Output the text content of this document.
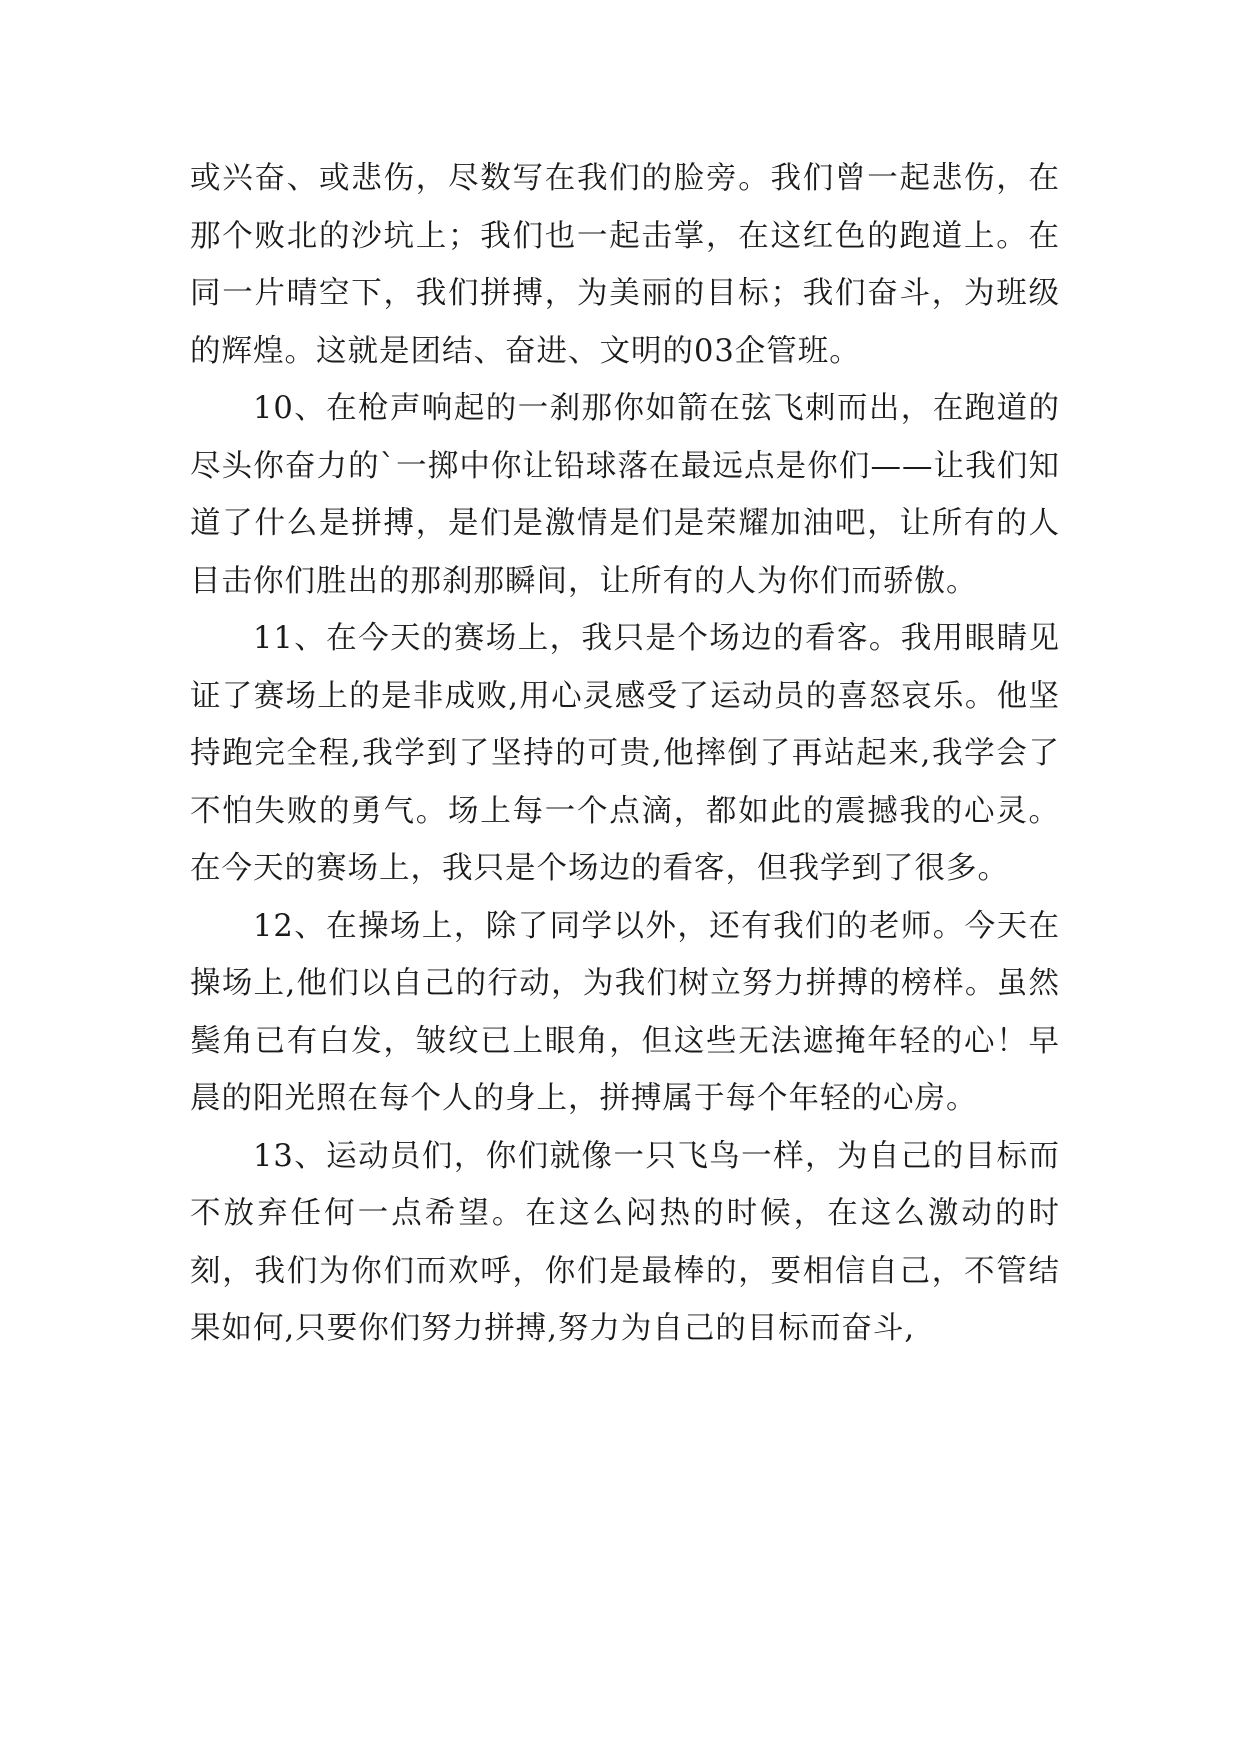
或兴奋、或悲伤，尽数写在我们的脸旁。我们曾一起悲伤，在那个败北的沙坑上；我们也一起击掌，在这红色的跑道上。在同一片晴空下，我们拼搏，为美丽的目标；我们奋斗，为班级的辉煌。这就是团结、奋进、文明的03企管班。

10、在枪声响起的一刹那你如箭在弦飞刺而出，在跑道的尽头你奋力的`一掷中你让铅球落在最远点是你们——让我们知道了什么是拼搏，是们是激情是们是荣耀加油吧，让所有的人目击你们胜出的那刹那瞬间，让所有的人为你们而骄傲。

11、在今天的赛场上，我只是个场边的看客。我用眼睛见证了赛场上的是非成败,用心灵感受了运动员的喜怒哀乐。他坚持跑完全程,我学到了坚持的可贵,他摔倒了再站起来,我学会了不怕失败的勇气。场上每一个点滴，都如此的震撼我的心灵。在今天的赛场上，我只是个场边的看客，但我学到了很多。

12、在操场上，除了同学以外，还有我们的老师。今天在操场上,他们以自己的行动，为我们树立努力拼搏的榜样。虽然鬓角已有白发，皱纹已上眼角，但这些无法遮掩年轻的心！早晨的阳光照在每个人的身上，拼搏属于每个年轻的心房。

13、运动员们，你们就像一只飞鸟一样，为自己的目标而不放弃任何一点希望。在这么闷热的时候，在这么激动的时刻，我们为你们而欢呼，你们是最棒的，要相信自己，不管结果如何,只要你们努力拼搏,努力为自己的目标而奋斗,
